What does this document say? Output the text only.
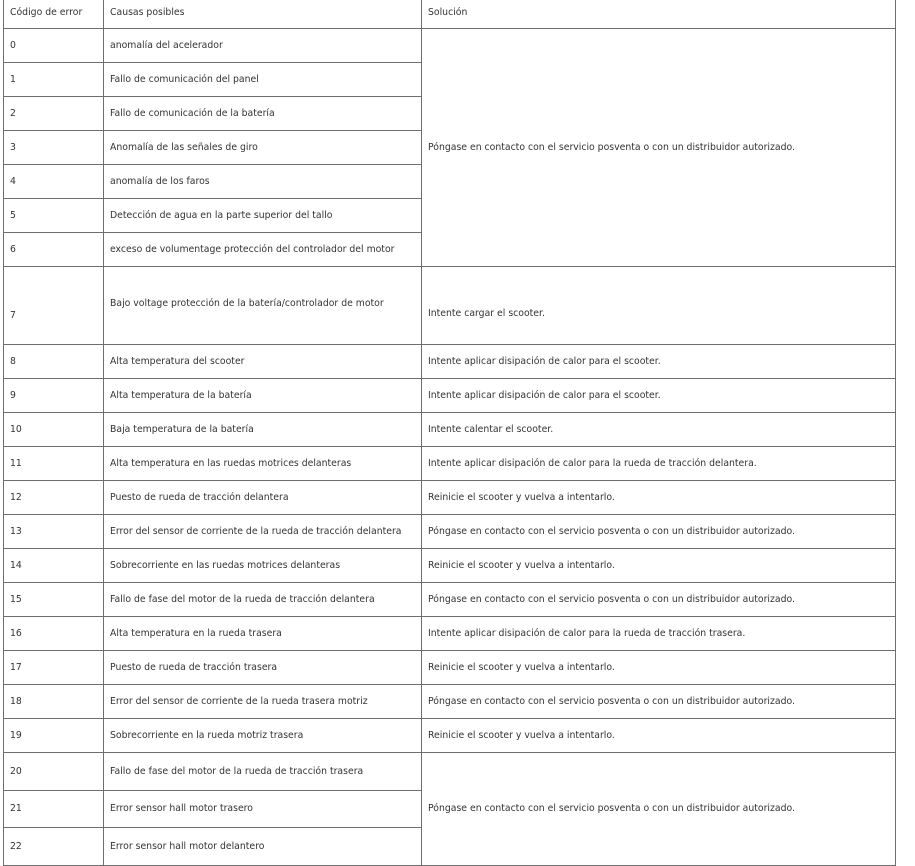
Código de error	Causas posibles	Solución
0	anomalía del acelerador	Póngase en contacto con el servicio posventa o con un distribuidor autorizado.
1	Fallo de comunicación del panel	
2	Fallo de comunicación de la batería	
3	Anomalía de las señales de giro	
4	anomalía de los faros	
5	Detección de agua en la parte superior del tallo	
6	exceso de volumentage protección del controlador del motor	
7	Bajo voltage protección de la batería/controlador de motor	Intente cargar el scooter.
8	Alta temperatura del scooter	Intente aplicar disipación de calor para el scooter.
9	Alta temperatura de la batería	Intente aplicar disipación de calor para el scooter.
10	Baja temperatura de la batería	Intente calentar el scooter.
11	Alta temperatura en las ruedas motrices delanteras	Intente aplicar disipación de calor para la rueda de tracción delantera.
12	Puesto de rueda de tracción delantera	Reinicie el scooter y vuelva a intentarlo.
13	Error del sensor de corriente de la rueda de tracción delantera	Póngase en contacto con el servicio posventa o con un distribuidor autorizado.
14	Sobrecorriente en las ruedas motrices delanteras	Reinicie el scooter y vuelva a intentarlo.
15	Fallo de fase del motor de la rueda de tracción delantera	Póngase en contacto con el servicio posventa o con un distribuidor autorizado.
16	Alta temperatura en la rueda trasera	Intente aplicar disipación de calor para la rueda de tracción trasera.
17	Puesto de rueda de tracción trasera	Reinicie el scooter y vuelva a intentarlo.
18	Error del sensor de corriente de la rueda trasera motriz	Póngase en contacto con el servicio posventa o con un distribuidor autorizado.
19	Sobrecorriente en la rueda motriz trasera	Reinicie el scooter y vuelva a intentarlo.
20	Fallo de fase del motor de la rueda de tracción trasera	Póngase en contacto con el servicio posventa o con un distribuidor autorizado.
21	Error sensor hall motor trasero	
22	Error sensor hall motor delantero	
